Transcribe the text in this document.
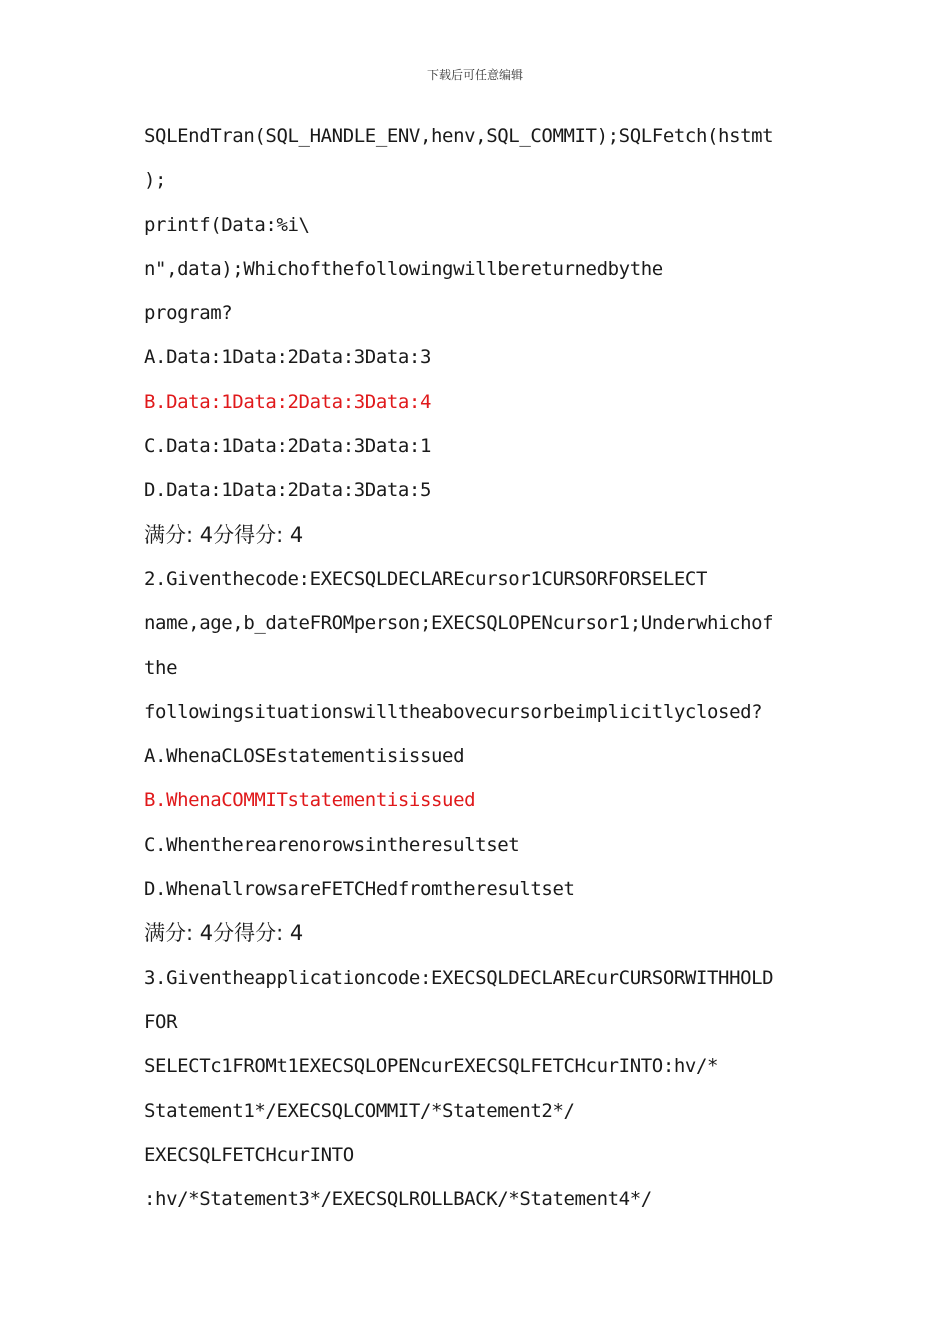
下载后可任意编辑
SQLEndTran(SQL_HANDLE_ENV,henv,SQL_COMMIT);SQLFetch(hstmt
);
printf(Data:%i\
n",data);Whichofthefollowingwillbereturnedbythe
program?
A.Data:1Data:2Data:3Data:3
B.Data:1Data:2Data:3Data:4
C.Data:1Data:2Data:3Data:1
D.Data:1Data:2Data:3Data:5
满分: 4分得分: 4
2.Giventhecode:EXECSQLDECLAREcursor1CURSORFORSELECT
name,age,b_dateFROMperson;EXECSQLOPENcursor1;Underwhichof
the
followingsituationswilltheabovecursorbeimplicitlyclosed?
A.WhenaCLOSEstatementisissued
B.WhenaCOMMITstatementisissued
C.Whentherearenorowsintheresultset
D.WhenallrowsareFETCHedfromtheresultset
满分: 4分得分: 4
3.Giventheapplicationcode:EXECSQLDECLAREcurCURSORWITHHOLD
FOR
SELECTc1FROMt1EXECSQLOPENcurEXECSQLFETCHcurINTO:hv/*
Statement1*/EXECSQLCOMMIT/*Statement2*/
EXECSQLFETCHcurINTO
:hv/*Statement3*/EXECSQLROLLBACK/*Statement4*/
